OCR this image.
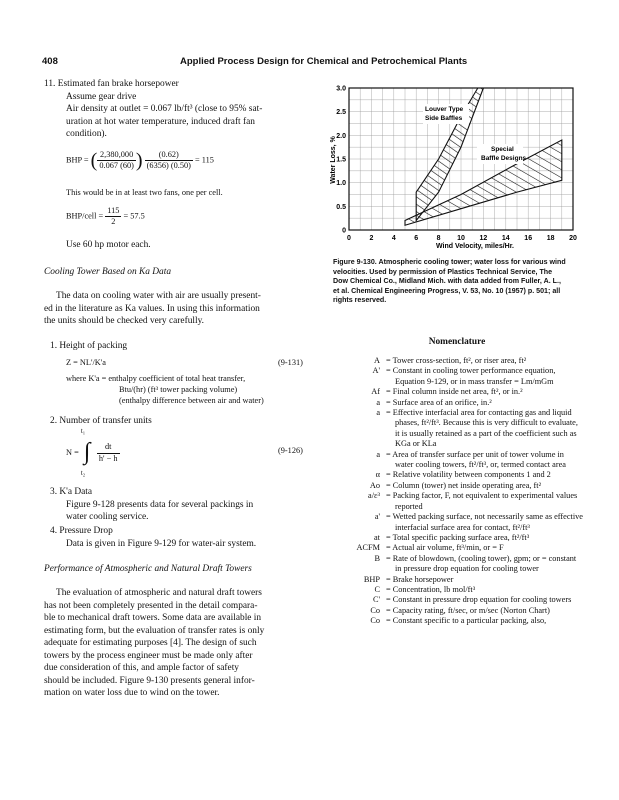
408	Applied Process Design for Chemical and Petrochemical Plants
11. Estimated fan brake horsepower
Assume gear drive
Air density at outlet = 0.067 lb/ft³ (close to 95% sat-
uration at hot water temperature, induced draft fan
condition).
BHP = ( $\frac{2,380,000}{0.067 (60)}$ ) $\frac{(0.62)}{(6356) (0.50)} = 115$
This would be in at least two fans, one per cell.
BHP/cell = $\frac{115}{2} = 57.5$
Use 60 hp motor each.
Cooling Tower Based on Ka Data
The data on cooling water with air are usually present-
ed in the literature as Ka values. In using this information
the units should be checked very carefully.
1. Height of packing
Z = NL'/K'a	(9-131)
where K'a = enthalpy coefficient of total heat transfer,
Btu/(hr) (ft³ tower packing volume)
(enthalpy difference between air and water)
2. Number of transfer units
N = ∫
t₁
t₂

$\frac{dt}{h' - h}$	(9-126)
3. K'a Data
Figure 9-128 presents data for several packings in
water cooling service.
4. Pressure Drop
Data is given in Figure 9-129 for water-air system.
Performance of Atmospheric and Natural Draft Towers
The evaluation of atmospheric and natural draft towers
has not been completely presented in the detail compara-
ble to mechanical draft towers. Some data are available in
estimating form, but the evaluation of transfer rates is only
adequate for estimating purposes [4]. The design of such
towers by the process engineer must be made only after
due consideration of this, and ample factor of safety
should be included. Figure 9-130 presents general infor-
mation on water loss due to wind on the tower.
0	2	4	6	8 10 12 14 16 18 20
0
0.5
1.0
1.5
2.0
2.5
3.0
Water Loss, %
Wind Velocity, miles/Hr.
Louver Type
Side Baffles
Special
Baffle Designs
Figure 9-130. Atmospheric cooling tower; water loss for various wind
velocities. Used by permission of Plastics Technical Service, The
Dow Chemical Co., Midland Mich. with data added from Fuller, A. L.,
et al. Chemical Engineering Progress, V. 53, No. 10 (1957) p. 501; all
rights reserved.
Nomenclature
A = Tower cross-section, ft², or riser area, ft²
A' = Constant in cooling tower performance equation, Equation 9-129, or in mass transfer = Lm/mGm
Af = Final column inside net area, ft², or in.²
a = Surface area of an orifice, in.²
a = Effective interfacial area for contacting gas and liquid phases, ft²/ft³. Because this is very difficult to evaluate, it is usually retained as a part of the coefficient such as KGa or KLa
a = Area of transfer surface per unit of tower volume in water cooling towers, ft²/ft³, or, termed contact area
α = Relative volatility between components 1 and 2
Ao = Column (tower) net inside operating area, ft²
a/ε³ = Packing factor, F, not equivalent to experimental values reported
a' = Wetted packing surface, not necessarily same as effective interfacial surface area for contact, ft²/ft³
at = Total specific packing surface area, ft²/ft³
ACFM = Actual air volume, ft³/min, or = F
B = Rate of blowdown, (cooling tower), gpm; or = constant in pressure drop equation for cooling tower
BHP = Brake horsepower
C = Concentration, lb mol/ft³
C' = Constant in pressure drop equation for cooling towers
Co = Capacity rating, ft/sec, or m/sec (Norton Chart)
Co = Constant specific to a particular packing, also,
